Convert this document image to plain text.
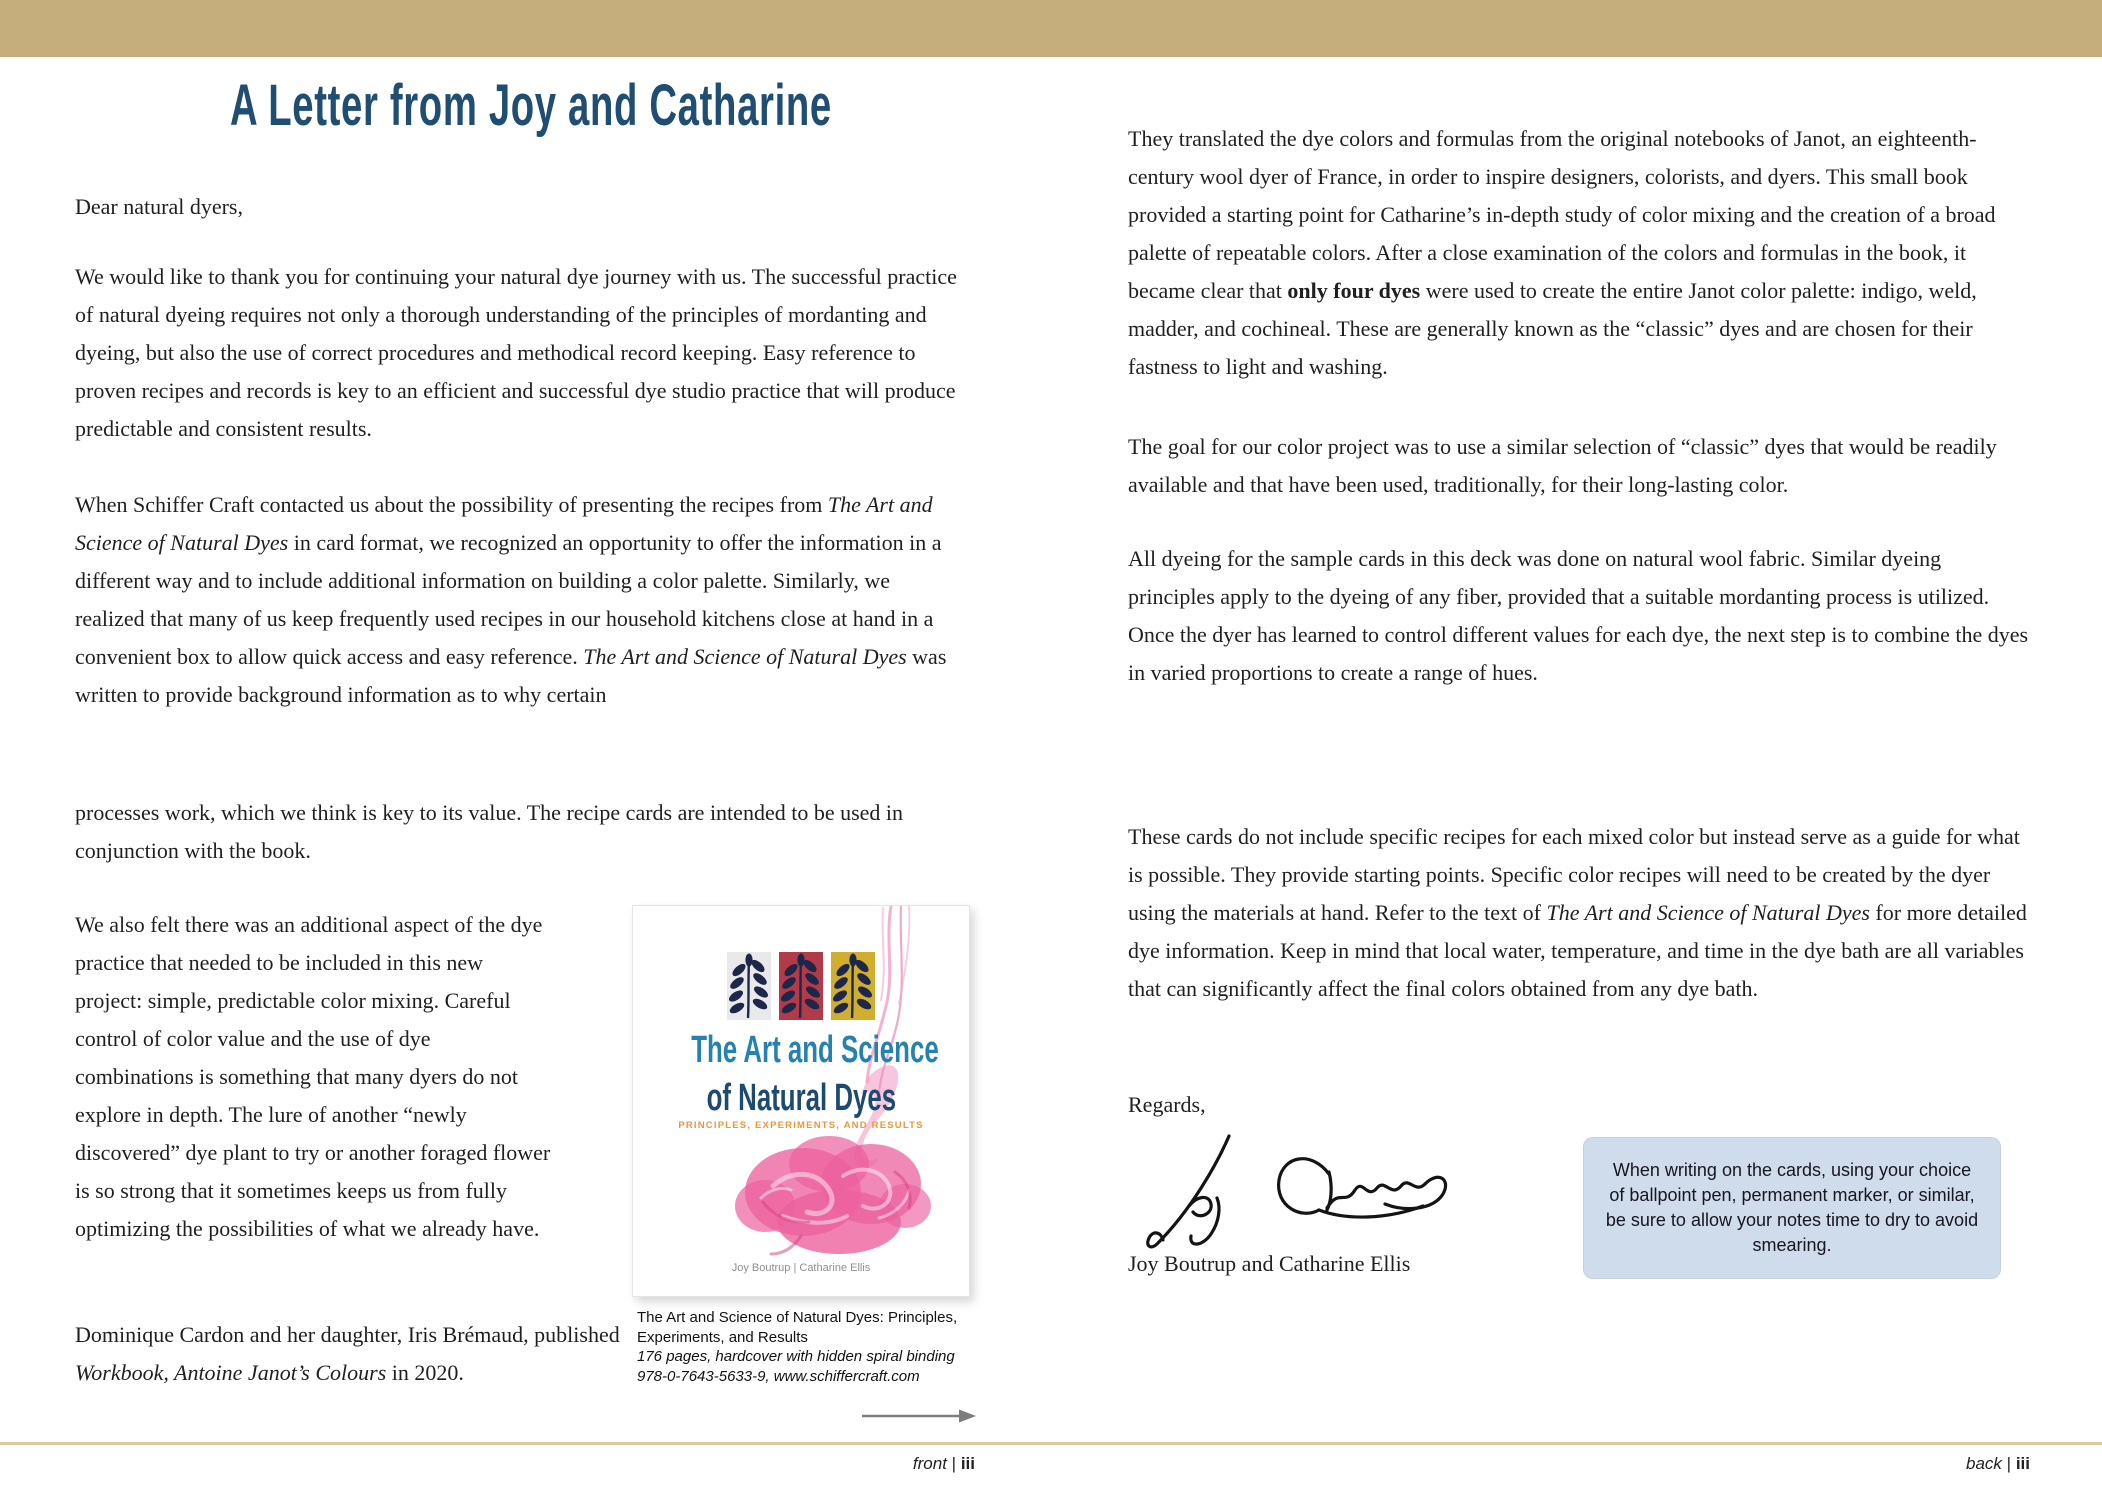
A Letter from Joy and Catharine
Dear natural dyers,
We would like to thank you for continuing your natural dye journey with us. The successful practice of natural dyeing requires not only a thorough understanding of the principles of mordanting and dyeing, but also the use of correct procedures and methodical record keeping. Easy reference to proven recipes and records is key to an efficient and successful dye studio practice that will produce predictable and consistent results.
When Schiffer Craft contacted us about the possibility of presenting the recipes from The Art and Science of Natural Dyes in card format, we recognized an opportunity to offer the information in a different way and to include additional information on building a color palette. Similarly, we realized that many of us keep frequently used recipes in our household kitchens close at hand in a convenient box to allow quick access and easy reference. The Art and Science of Natural Dyes was written to provide background information as to why certain
processes work, which we think is key to its value. The recipe cards are intended to be used in conjunction with the book.
We also felt there was an additional aspect of the dye practice that needed to be included in this new project: simple, predictable color mixing. Careful control of color value and the use of dye combinations is something that many dyers do not explore in depth. The lure of another “newly discovered” dye plant to try or another foraged flower is so strong that it sometimes keeps us from fully optimizing the possibilities of what we already have.
Dominique Cardon and her daughter, Iris Brémaud, published Workbook, Antoine Janot’s Colours in 2020.
The Art and Science
of Natural Dyes
PRINCIPLES, EXPERIMENTS, AND RESULTS
Joy Boutrup | Catharine Ellis
The Art and Science of Natural Dyes: Principles, Experiments, and Results
176 pages, hardcover with hidden spiral binding
978-0-7643-5633-9, www.schiffercraft.com
They translated the dye colors and formulas from the original notebooks of Janot, an eighteenth-century wool dyer of France, in order to inspire designers, colorists, and dyers. This small book provided a starting point for Catharine’s in-depth study of color mixing and the creation of a broad palette of repeatable colors. After a close examination of the colors and formulas in the book, it became clear that only four dyes were used to create the entire Janot color palette: indigo, weld, madder, and cochineal. These are generally known as the “classic” dyes and are chosen for their fastness to light and washing.
The goal for our color project was to use a similar selection of “classic” dyes that would be readily available and that have been used, traditionally, for their long-lasting color.
All dyeing for the sample cards in this deck was done on natural wool fabric. Similar dyeing principles apply to the dyeing of any fiber, provided that a suitable mordanting process is utilized. Once the dyer has learned to control different values for each dye, the next step is to combine the dyes in varied proportions to create a range of hues.
These cards do not include specific recipes for each mixed color but instead serve as a guide for what is possible. They provide starting points. Specific color recipes will need to be created by the dyer using the materials at hand. Refer to the text of The Art and Science of Natural Dyes for more detailed dye information. Keep in mind that local water, temperature, and time in the dye bath are all variables that can significantly affect the final colors obtained from any dye bath.
Regards,
Joy Boutrup and Catharine Ellis
When writing on the cards, using your choice of ballpoint pen, permanent marker, or similar, be sure to allow your notes time to dry to avoid smearing.
front | iii	back | iii
